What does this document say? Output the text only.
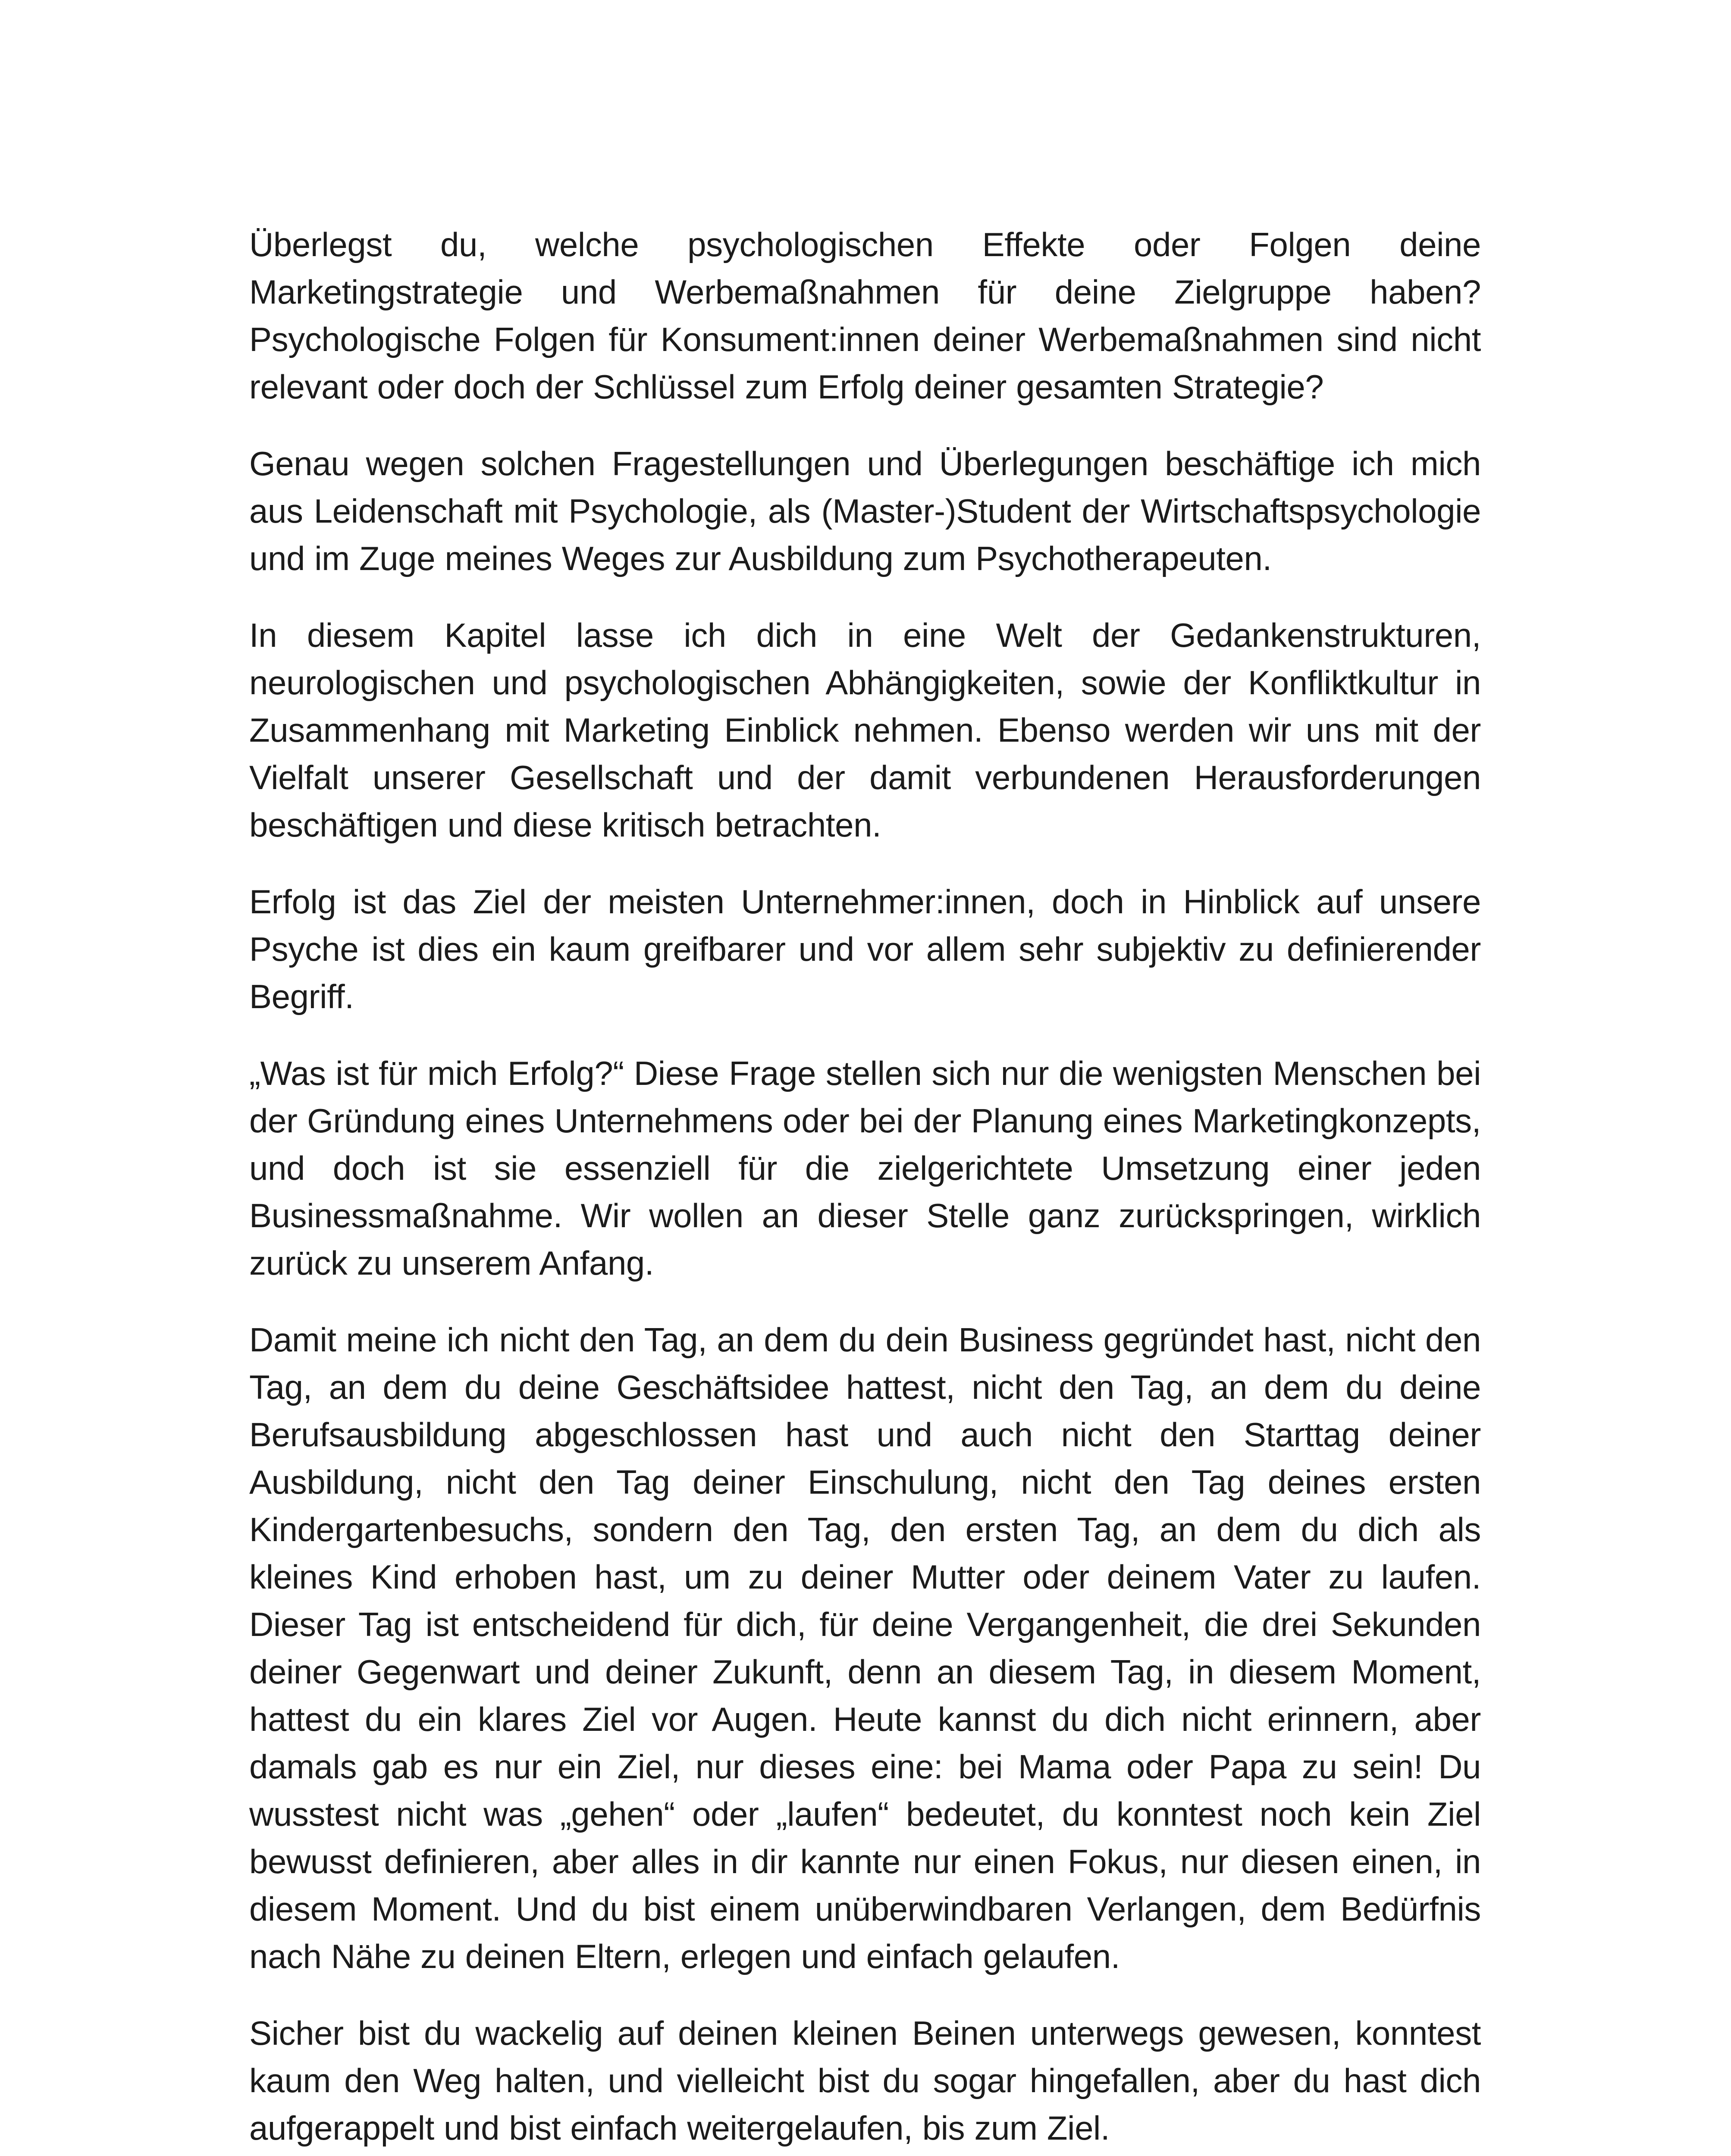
Überlegst du, welche psychologischen Effekte oder Folgen deine Marketingstrategie und Werbemaßnahmen für deine Zielgruppe haben? Psychologische Folgen für Konsument:innen deiner Werbemaßnahmen sind nicht relevant oder doch der Schlüssel zum Erfolg deiner gesamten Strategie?

Genau wegen solchen Fragestellungen und Überlegungen beschäftige ich mich aus Leidenschaft mit Psychologie, als (Master-)Student der Wirtschaftspsychologie und im Zuge meines Weges zur Ausbildung zum Psychotherapeuten.

In diesem Kapitel lasse ich dich in eine Welt der Gedankenstrukturen, neurologischen und psychologischen Abhängigkeiten, sowie der Konfliktkultur in Zusammenhang mit Marketing Einblick nehmen. Ebenso werden wir uns mit der Vielfalt unserer Gesellschaft und der damit verbundenen Herausforderungen beschäftigen und diese kritisch betrachten.

Erfolg ist das Ziel der meisten Unternehmer:innen, doch in Hinblick auf unsere Psyche ist dies ein kaum greifbarer und vor allem sehr subjektiv zu definierender Begriff.

„Was ist für mich Erfolg?“ Diese Frage stellen sich nur die wenigsten Menschen bei der Gründung eines Unternehmens oder bei der Planung eines Marketingkonzepts, und doch ist sie essenziell für die zielgerichtete Umsetzung einer jeden Businessmaßnahme. Wir wollen an dieser Stelle ganz zurückspringen, wirklich zurück zu unserem Anfang.

Damit meine ich nicht den Tag, an dem du dein Business gegründet hast, nicht den Tag, an dem du deine Geschäftsidee hattest, nicht den Tag, an dem du deine Berufsausbildung abgeschlossen hast und auch nicht den Starttag deiner Ausbildung, nicht den Tag deiner Einschulung, nicht den Tag deines ersten Kindergartenbesuchs, sondern den Tag, den ersten Tag, an dem du dich als kleines Kind erhoben hast, um zu deiner Mutter oder deinem Vater zu laufen. Dieser Tag ist entscheidend für dich, für deine Vergangenheit, die drei Sekunden deiner Gegenwart und deiner Zukunft, denn an diesem Tag, in diesem Moment, hattest du ein klares Ziel vor Augen. Heute kannst du dich nicht erinnern, aber damals gab es nur ein Ziel, nur dieses eine: bei Mama oder Papa zu sein! Du wusstest nicht was „gehen“ oder „laufen“ bedeutet, du konntest noch kein Ziel bewusst definieren, aber alles in dir kannte nur einen Fokus, nur diesen einen, in diesem Moment. Und du bist einem unüberwindbaren Verlangen, dem Bedürfnis nach Nähe zu deinen Eltern, erlegen und einfach gelaufen.

Sicher bist du wackelig auf deinen kleinen Beinen unterwegs gewesen, konntest kaum den Weg halten, und vielleicht bist du sogar hingefallen, aber du hast dich aufgerappelt und bist einfach weitergelaufen, bis zum Ziel.
